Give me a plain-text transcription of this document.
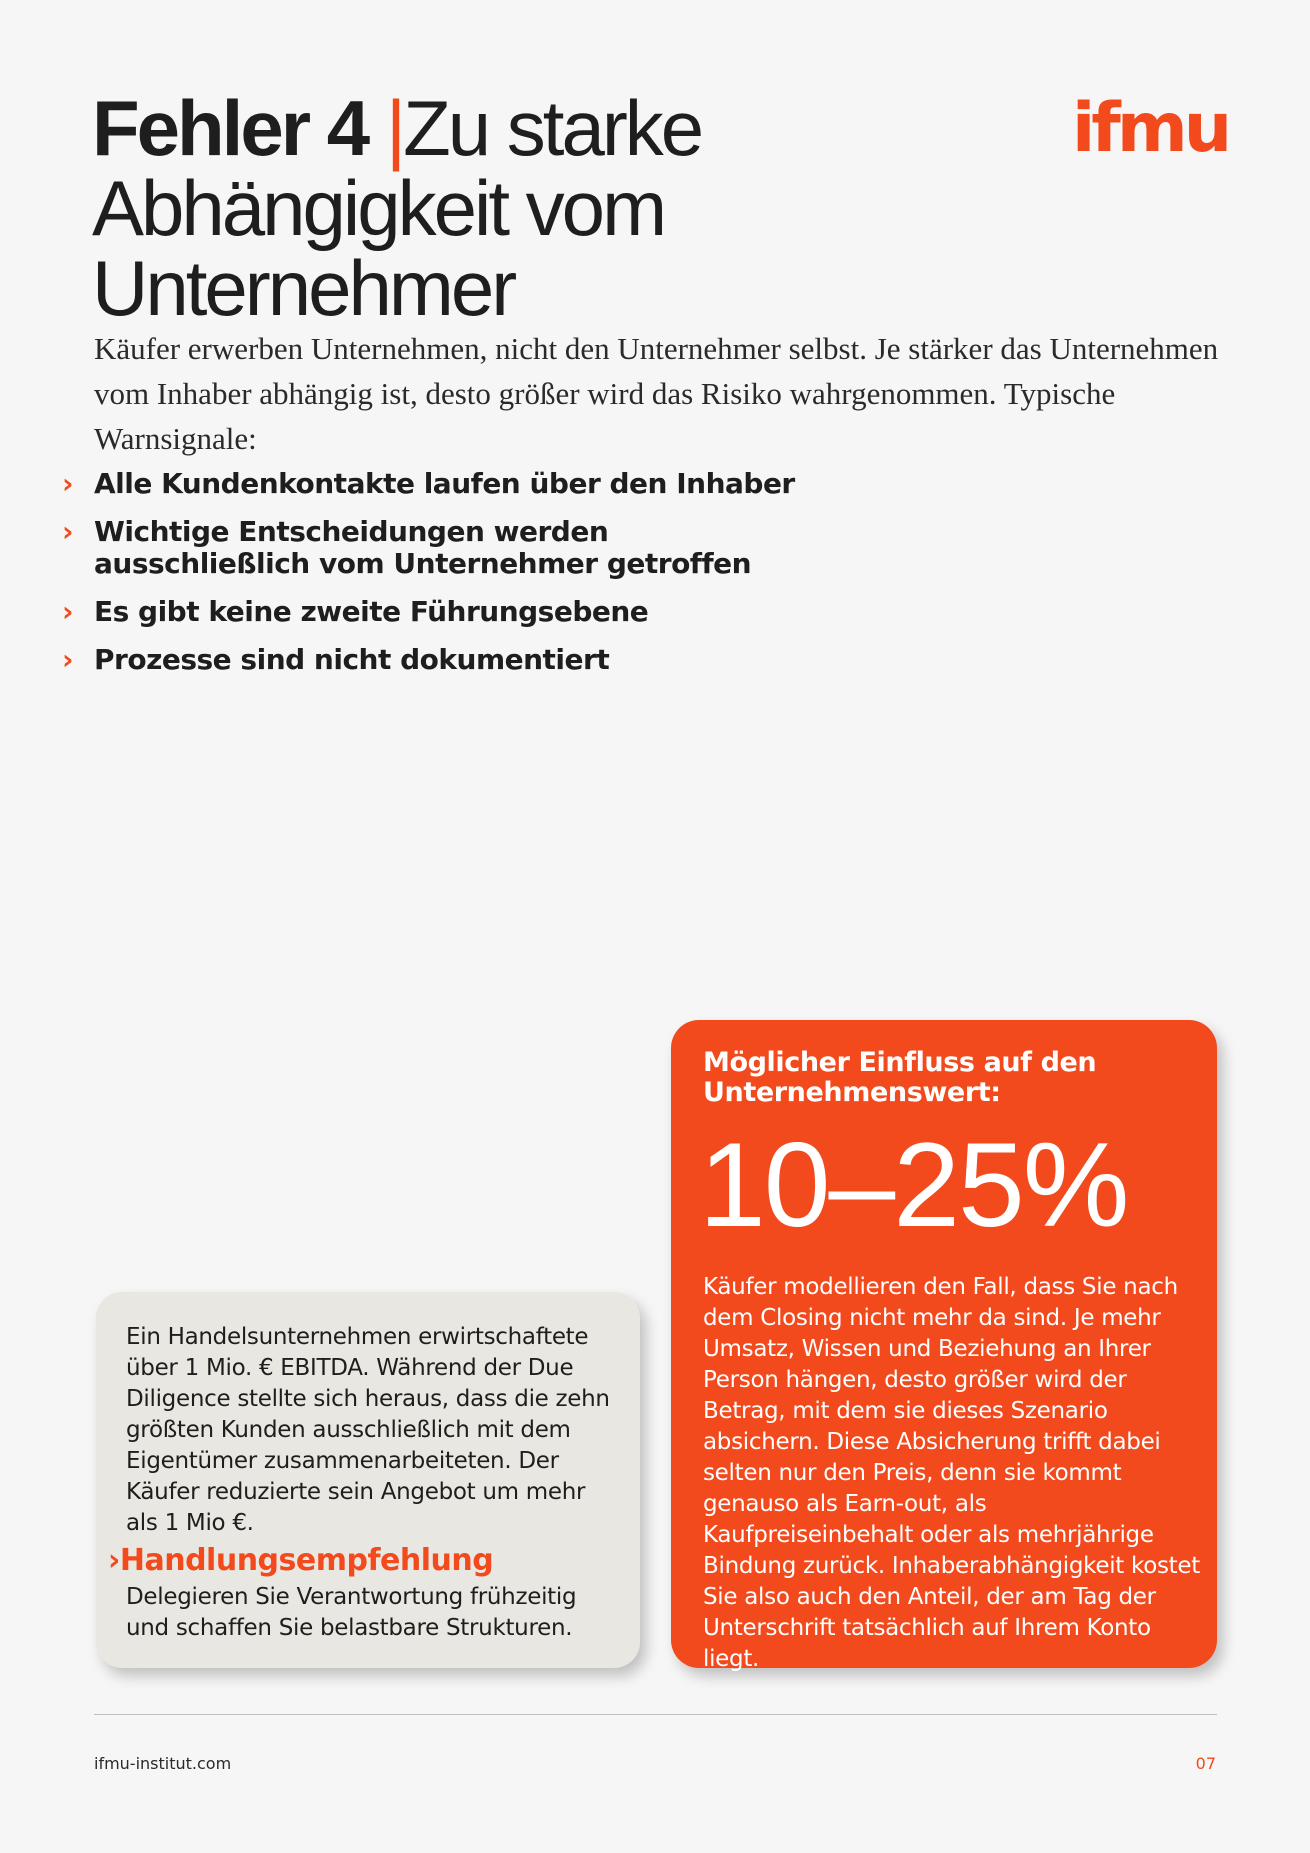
Fehler 4 |Zu starke
Abhängigkeit vom Unternehmer
ifmu

Käufer erwerben Unternehmen, nicht den Unternehmer selbst. Je stärker das Unternehmen vom Inhaber abhängig ist, desto größer wird das Risiko wahrgenommen. Typische Warnsignale:

› Alle Kundenkontakte laufen über den Inhaber
› Wichtige Entscheidungen werden ausschließlich vom Unternehmer getroffen
› Es gibt keine zweite Führungsebene
› Prozesse sind nicht dokumentiert

Ein Handelsunternehmen erwirtschaftete über 1 Mio. € EBITDA. Während der Due Diligence stellte sich heraus, dass die zehn größten Kunden ausschließlich mit dem Eigentümer zusammenarbeiteten. Der Käufer reduzierte sein Angebot um mehr als 1 Mio €.

›Handlungsempfehlung

Delegieren Sie Verantwortung frühzeitig und schaffen Sie belastbare Strukturen.

Möglicher Einfluss auf den Unternehmenswert:

10–25%

Käufer modellieren den Fall, dass Sie nach dem Closing nicht mehr da sind. Je mehr Umsatz, Wissen und Beziehung an Ihrer Person hängen, desto größer wird der Betrag, mit dem sie dieses Szenario absichern. Diese Absicherung trifft dabei selten nur den Preis, denn sie kommt genauso als Earn-out, als Kaufpreiseinbehalt oder als mehrjährige Bindung zurück. Inhaberabhängigkeit kostet Sie also auch den Anteil, der am Tag der Unterschrift tatsächlich auf Ihrem Konto liegt.

ifmu-institut.com	07
